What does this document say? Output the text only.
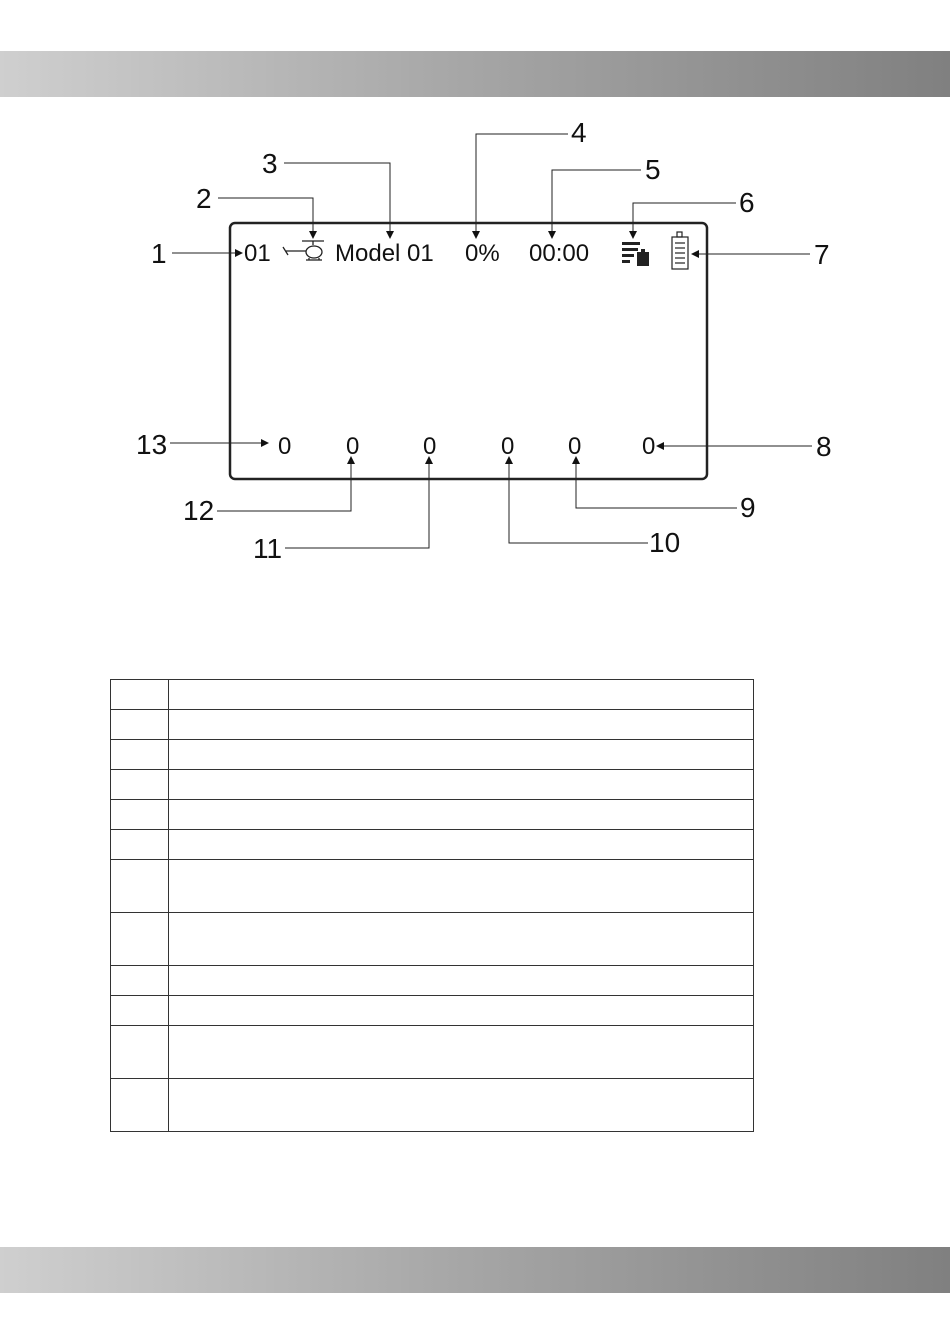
01	Model 01 0% 00:00
0 0	0	0 0	0
1
2
3
4
5
6
7
8
9
10
11
12
13
